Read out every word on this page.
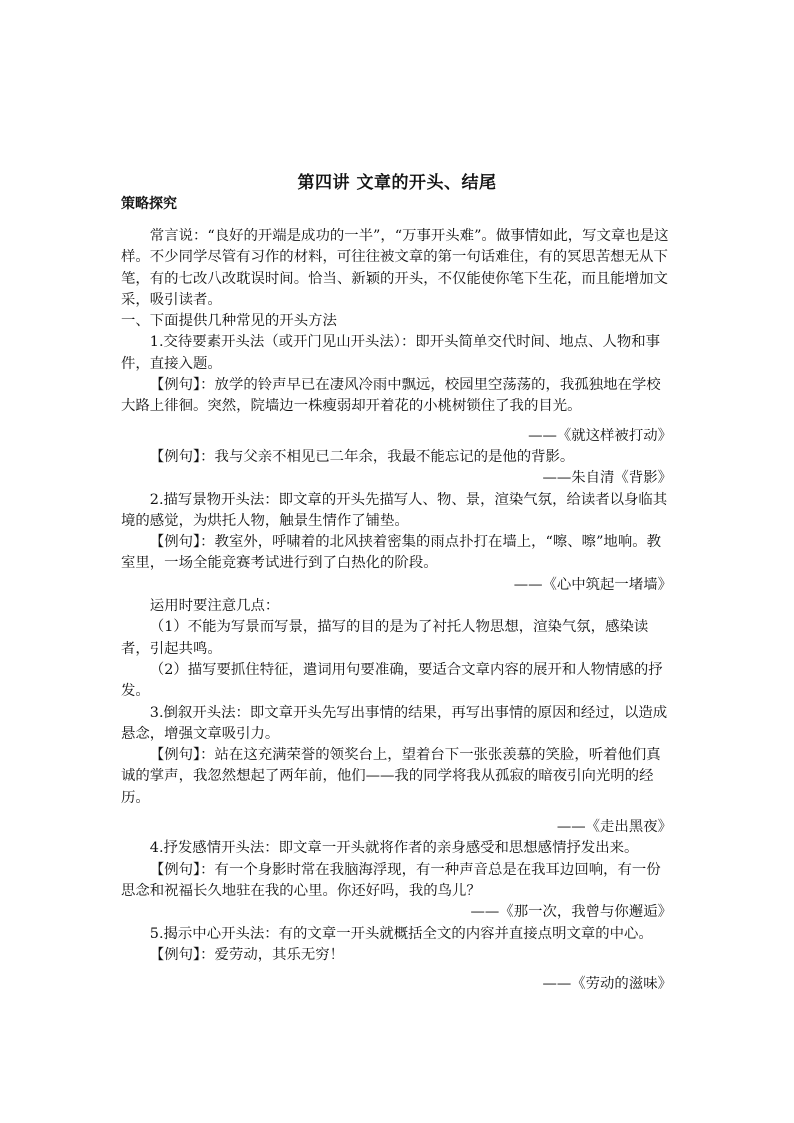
第四讲 文章的开头、结尾
策略探究

常言说：“良好的开端是成功的一半”，“万事开头难”。做事情如此，写文章也是这样。不少同学尽管有习作的材料，可往往被文章的第一句话难住，有的冥思苦想无从下笔，有的七改八改耽误时间。恰当、新颖的开头，不仅能使你笔下生花，而且能增加文采，吸引读者。

一、下面提供几种常见的开头方法

1.交待要素开头法（或开门见山开头法）：即开头简单交代时间、地点、人物和事件，直接入题。

【例句】：放学的铃声早已在凄风冷雨中飘远，校园里空荡荡的，我孤独地在学校大路上徘徊。突然，院墙边一株瘦弱却开着花的小桃树锁住了我的目光。

——《就这样被打动》

【例句】：我与父亲不相见已二年余，我最不能忘记的是他的背影。

——朱自清《背影》

2.描写景物开头法：即文章的开头先描写人、物、景，渲染气氛，给读者以身临其境的感觉，为烘托人物，触景生情作了铺垫。

【例句】：教室外，呼啸着的北风挟着密集的雨点扑打在墙上，“嚓、嚓”地响。教室里，一场全能竞赛考试进行到了白热化的阶段。

——《心中筑起一堵墙》

运用时要注意几点：

（1）不能为写景而写景，描写的目的是为了衬托人物思想，渲染气氛，感染读者，引起共鸣。

（2）描写要抓住特征，遣词用句要准确，要适合文章内容的展开和人物情感的抒发。

3.倒叙开头法：即文章开头先写出事情的结果，再写出事情的原因和经过，以造成悬念，增强文章吸引力。

【例句】：站在这充满荣誉的领奖台上，望着台下一张张羡慕的笑脸，听着他们真诚的掌声，我忽然想起了两年前，他们——我的同学将我从孤寂的暗夜引向光明的经历。

——《走出黑夜》

4.抒发感情开头法：即文章一开头就将作者的亲身感受和思想感情抒发出来。

【例句】：有一个身影时常在我脑海浮现，有一种声音总是在我耳边回响，有一份思念和祝福长久地驻在我的心里。你还好吗，我的鸟儿？

——《那一次，我曾与你邂逅》

5.揭示中心开头法：有的文章一开头就概括全文的内容并直接点明文章的中心。

【例句】：爱劳动，其乐无穷！

——《劳动的滋味》
